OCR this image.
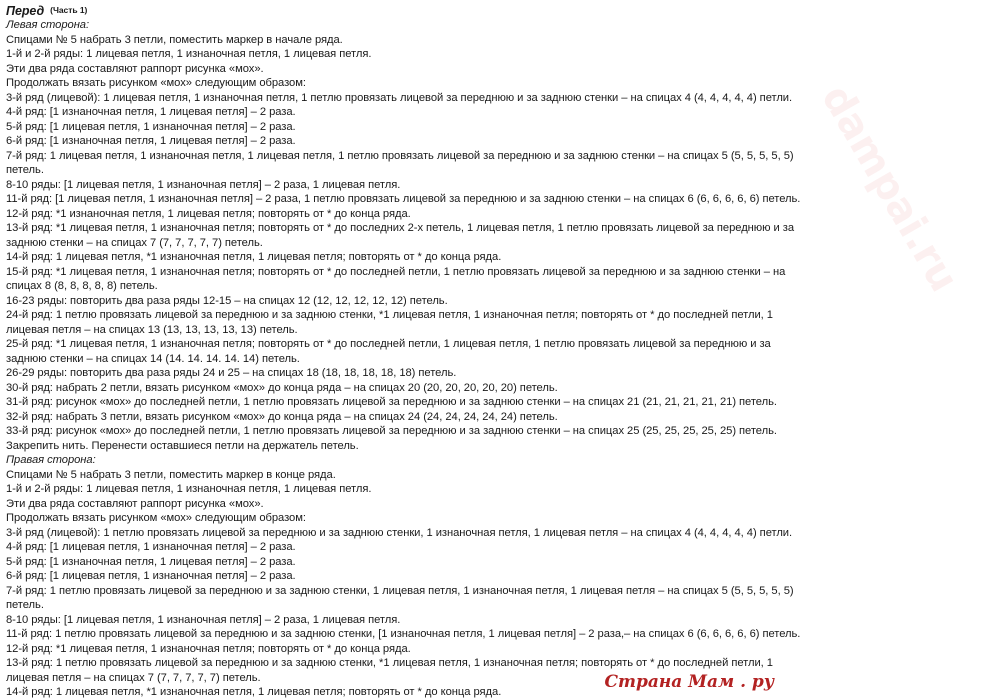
Перед (Часть 1)
Левая сторона:
Спицами № 5 набрать 3 петли, поместить маркер в начале ряда.
1-й и 2-й ряды: 1 лицевая петля, 1 изнаночная петля, 1 лицевая петля.
Эти два ряда составляют раппорт рисунка «мох».
Продолжать вязать рисунком «мох» следующим образом:
3-й ряд (лицевой): 1 лицевая петля, 1 изнаночная петля, 1 петлю провязать лицевой за переднюю и за заднюю стенки – на спицах 4 (4, 4, 4, 4, 4) петли.
4-й ряд: [1 изнаночная петля, 1 лицевая петля] – 2 раза.
5-й ряд: [1 лицевая петля, 1 изнаночная петля] – 2 раза.
6-й ряд: [1 изнаночная петля, 1 лицевая петля] – 2 раза.
7-й ряд: 1 лицевая петля, 1 изнаночная петля, 1 лицевая петля, 1 петлю провязать лицевой за переднюю и за заднюю стенки – на спицах 5 (5, 5, 5, 5, 5)
петель.
8-10 ряды: [1 лицевая петля, 1 изнаночная петля] – 2 раза, 1 лицевая петля.
11-й ряд: [1 лицевая петля, 1 изнаночная петля] – 2 раза, 1 петлю провязать лицевой за переднюю и за заднюю стенки – на спицах 6 (6, 6, 6, 6, 6) петель.
12-й ряд: *1 изнаночная петля, 1 лицевая петля; повторять от * до конца ряда.
13-й ряд: *1 лицевая петля, 1 изнаночная петля; повторять от * до последних 2-х петель, 1 лицевая петля, 1 петлю провязать лицевой за переднюю и за
заднюю стенки – на спицах 7 (7, 7, 7, 7, 7) петель.
14-й ряд: 1 лицевая петля, *1 изнаночная петля, 1 лицевая петля; повторять от * до конца ряда.
15-й ряд: *1 лицевая петля, 1 изнаночная петля; повторять от * до последней петли, 1 петлю провязать лицевой за переднюю и за заднюю стенки – на
спицах 8 (8, 8, 8, 8, 8) петель.
16-23 ряды: повторить два раза ряды 12-15 – на спицах 12 (12, 12, 12, 12, 12) петель.
24-й ряд: 1 петлю провязать лицевой за переднюю и за заднюю стенки, *1 лицевая петля, 1 изнаночная петля; повторять от * до последней петли, 1
лицевая петля – на спицах 13 (13, 13, 13, 13, 13) петель.
25-й ряд: *1 лицевая петля, 1 изнаночная петля; повторять от * до последней петли, 1 лицевая петля, 1 петлю провязать лицевой за переднюю и за
заднюю стенки – на спицах 14 (14. 14. 14. 14. 14) петель.
26-29 ряды: повторить два раза ряды 24 и 25 – на спицах 18 (18, 18, 18, 18, 18) петель.
30-й ряд: набрать 2 петли, вязать рисунком «мох» до конца ряда – на спицах 20 (20, 20, 20, 20, 20) петель.
31-й ряд: рисунок «мох» до последней петли, 1 петлю провязать лицевой за переднюю и за заднюю стенки – на спицах 21 (21, 21, 21, 21, 21) петель.
32-й ряд: набрать 3 петли, вязать рисунком «мох» до конца ряда – на спицах 24 (24, 24, 24, 24, 24) петель.
33-й ряд: рисунок «мох» до последней петли, 1 петлю провязать лицевой за переднюю и за заднюю стенки – на спицах 25 (25, 25, 25, 25, 25) петель.
Закрепить нить. Перенести оставшиеся петли на держатель петель.
Правая сторона:
Спицами № 5 набрать 3 петли, поместить маркер в конце ряда.
1-й и 2-й ряды: 1 лицевая петля, 1 изнаночная петля, 1 лицевая петля.
Эти два ряда составляют раппорт рисунка «мох».
Продолжать вязать рисунком «мох» следующим образом:
3-й ряд (лицевой): 1 петлю провязать лицевой за переднюю и за заднюю стенки, 1 изнаночная петля, 1 лицевая петля – на спицах 4 (4, 4, 4, 4, 4) петли.
4-й ряд: [1 лицевая петля, 1 изнаночная петля] – 2 раза.
5-й ряд: [1 изнаночная петля, 1 лицевая петля] – 2 раза.
6-й ряд: [1 лицевая петля, 1 изнаночная петля] – 2 раза.
7-й ряд: 1 петлю провязать лицевой за переднюю и за заднюю стенки, 1 лицевая петля, 1 изнаночная петля, 1 лицевая петля – на спицах 5 (5, 5, 5, 5, 5)
петель.
8-10 ряды: [1 лицевая петля, 1 изнаночная петля] – 2 раза, 1 лицевая петля.
11-й ряд: 1 петлю провязать лицевой за переднюю и за заднюю стенки, [1 изнаночная петля, 1 лицевая петля] – 2 раза,– на спицах 6 (6, 6, 6, 6, 6) петель.
12-й ряд: *1 лицевая петля, 1 изнаночная петля; повторять от * до конца ряда.
13-й ряд: 1 петлю провязать лицевой за переднюю и за заднюю стенки, *1 лицевая петля, 1 изнаночная петля; повторять от * до последней петли, 1
лицевая петля – на спицах 7 (7, 7, 7, 7, 7) петель.
14-й ряд: 1 лицевая петля, *1 изнаночная петля, 1 лицевая петля; повторять от * до конца ряда.
dampai.ru
Страна Мам . ру
